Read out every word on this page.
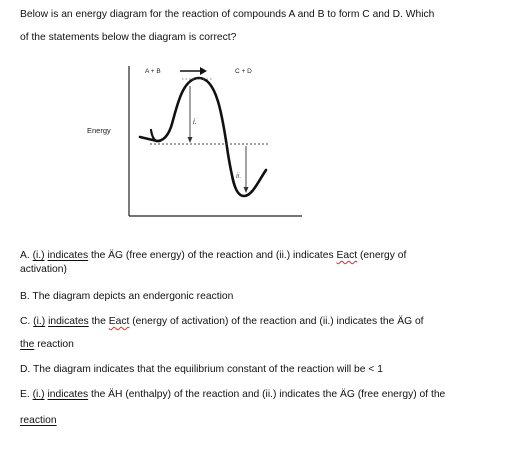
Below is an energy diagram for the reaction of compounds A and B to form C and D. Which
of the statements below the diagram is correct?
A + B	C + D
Energy
i.
ii.
A. (i.) indicates the ÄG (free energy) of the reaction and (ii.) indicates Eact (energy of
activation)
B. The diagram depicts an endergonic reaction
C. (i.) indicates the Eact (energy of activation) of the reaction and (ii.) indicates the ÄG of
the reaction
D. The diagram indicates that the equilibrium constant of the reaction will be < 1
E. (i.) indicates the ÄH (enthalpy) of the reaction and (ii.) indicates the ÄG (free energy) of the
reaction
